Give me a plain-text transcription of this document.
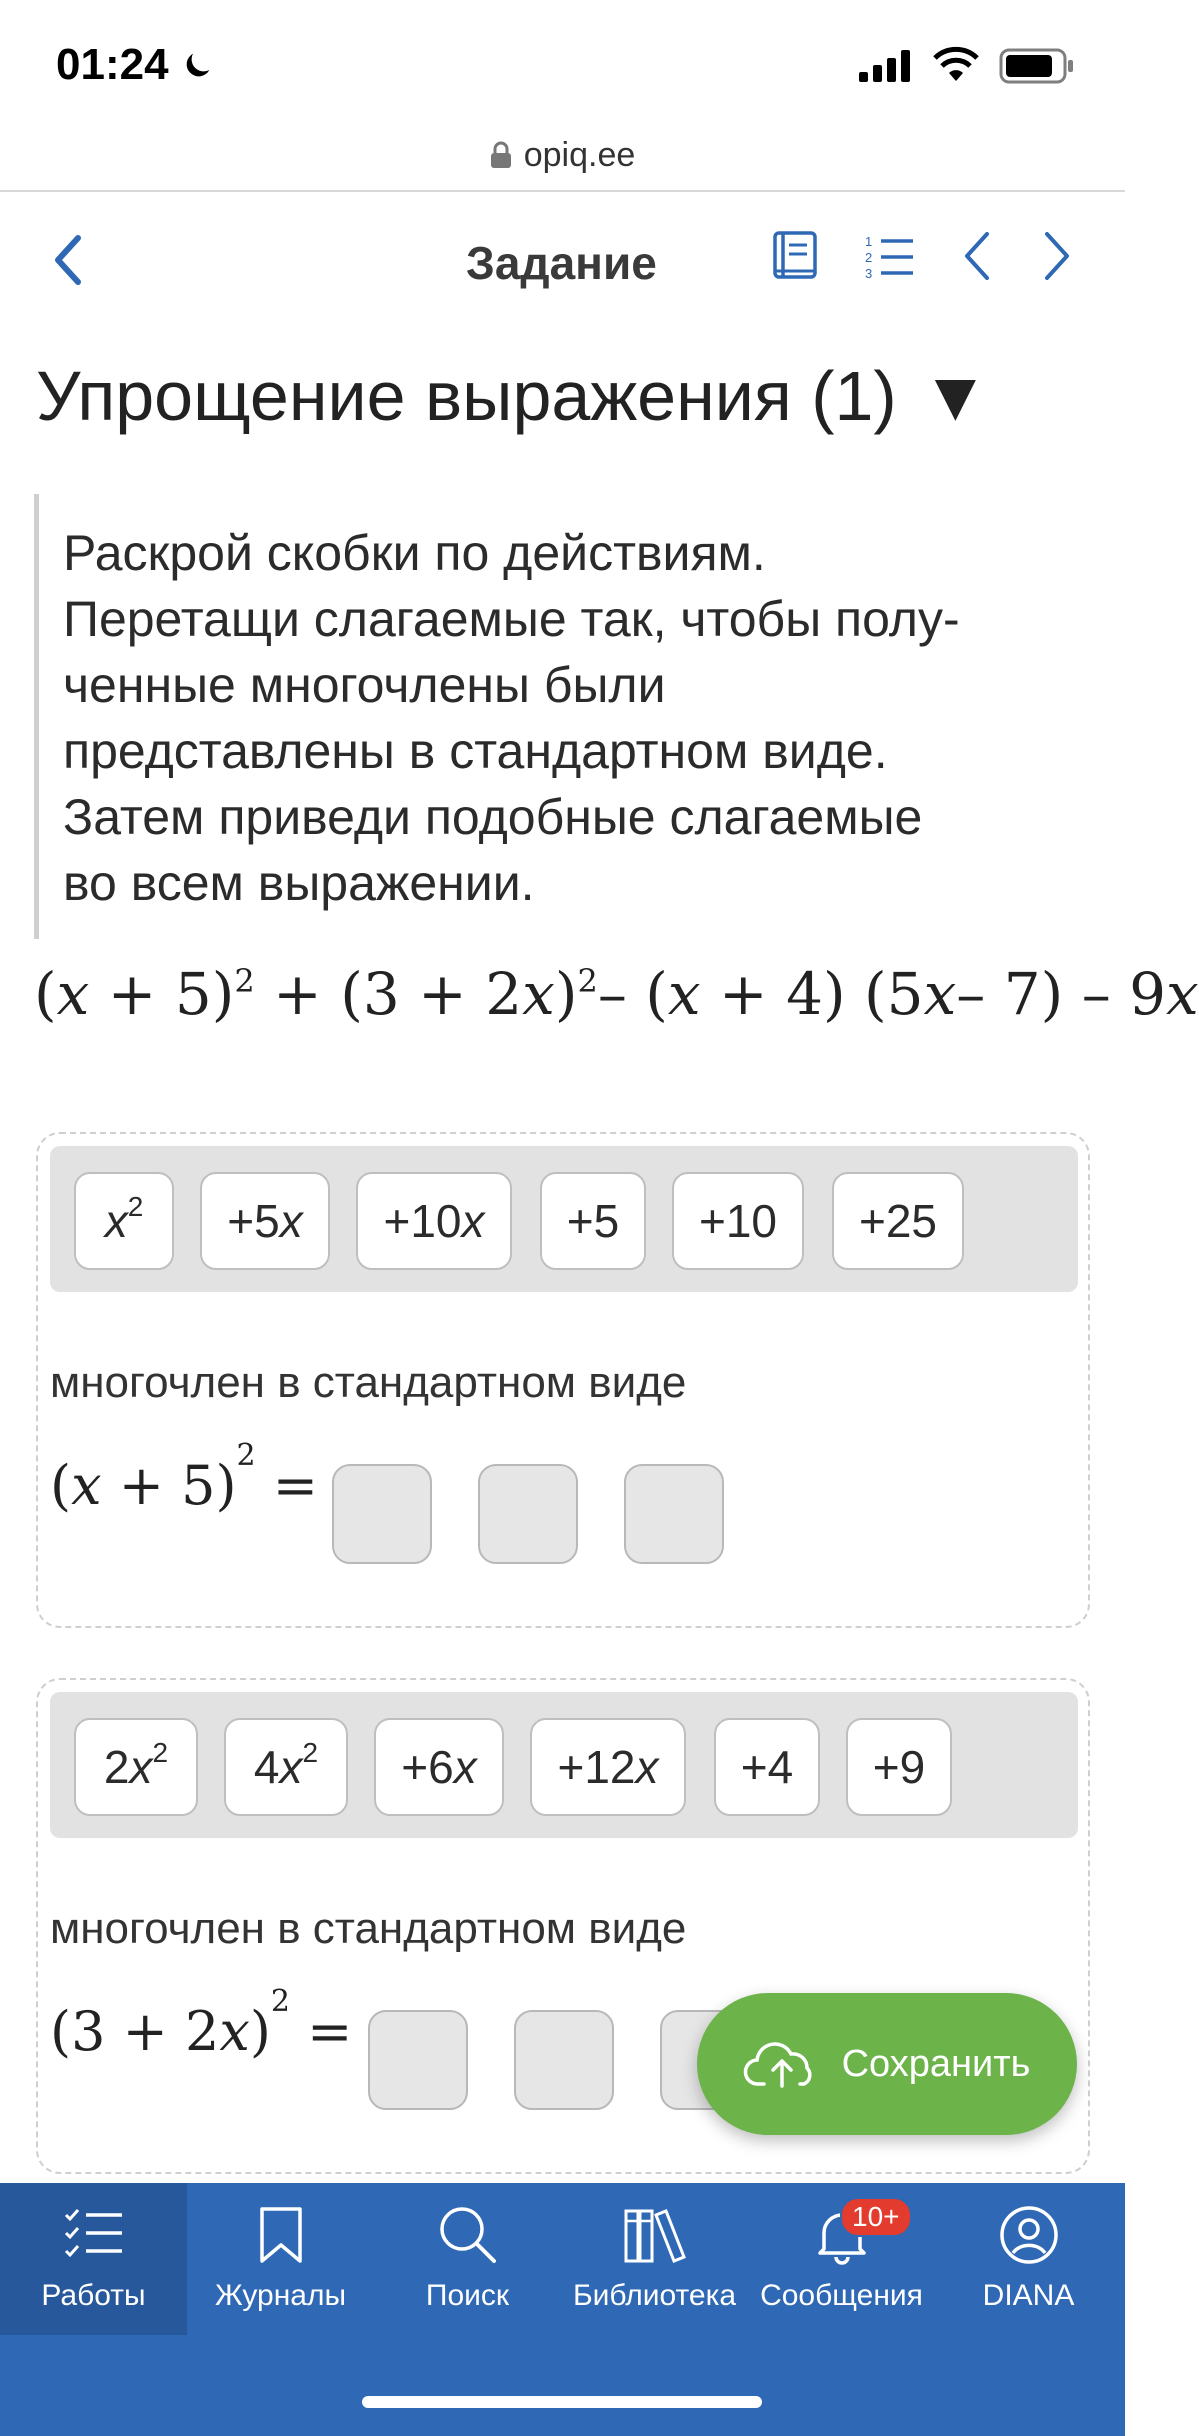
01:24
opiq.ee
Задание	1
2
3
Упрощение выражения (1) ▼

Раскрой скобки по действиям.

Перетащи слагаемые так, чтобы полу-

ченные многочлены были

представлены в стандартном виде.

Затем приведи подобные слагаемые

во всем выражении.

$(x + 5)^2 + (3 + 2x)^2-$ (x + 4) (5x– 7) – 9x
$x^2 +5$ x +10 x +5 +10 +25
многочлен в стандартном виде
$(x + 5)^2$ =
2 $x^2$ 4 $x^2 +6$ x +12 x +4 +9
многочлен в стандартном виде
$(3 + 2x)^2$ =
Сохранить
Работы Журналы	Поиск Библиотека
10+
Сообщения DIANA
